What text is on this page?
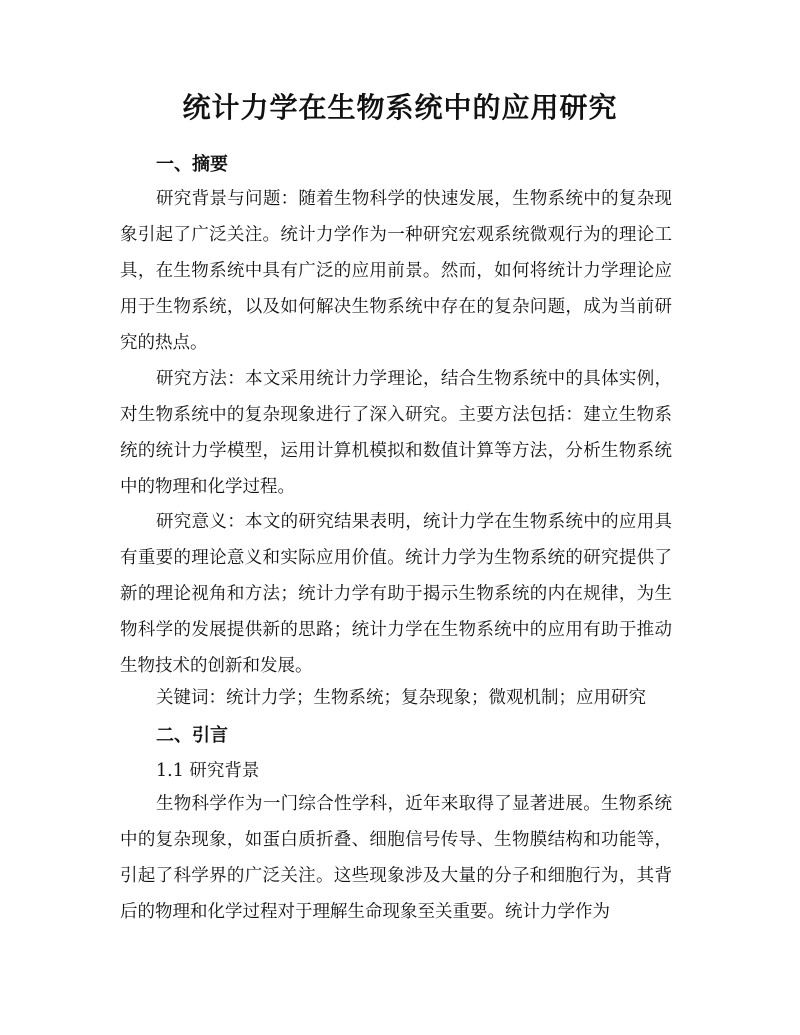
统计力学在生物系统中的应用研究
一、摘要
研究背景与问题：随着生物科学的快速发展，生物系统中的复杂现象引起了广泛关注。统计力学作为一种研究宏观系统微观行为的理论工具，在生物系统中具有广泛的应用前景。然而，如何将统计力学理论应用于生物系统，以及如何解决生物系统中存在的复杂问题，成为当前研究的热点。
研究方法：本文采用统计力学理论，结合生物系统中的具体实例，对生物系统中的复杂现象进行了深入研究。主要方法包括：建立生物系统的统计力学模型，运用计算机模拟和数值计算等方法，分析生物系统中的物理和化学过程。
研究意义：本文的研究结果表明，统计力学在生物系统中的应用具有重要的理论意义和实际应用价值。统计力学为生物系统的研究提供了新的理论视角和方法；统计力学有助于揭示生物系统的内在规律，为生物科学的发展提供新的思路；统计力学在生物系统中的应用有助于推动生物技术的创新和发展。
关键词：统计力学；生物系统；复杂现象；微观机制；应用研究
二、引言
1.1 研究背景
生物科学作为一门综合性学科，近年来取得了显著进展。生物系统中的复杂现象，如蛋白质折叠、细胞信号传导、生物膜结构和功能等，引起了科学界的广泛关注。这些现象涉及大量的分子和细胞行为，其背后的物理和化学过程对于理解生命现象至关重要。统计力学作为
